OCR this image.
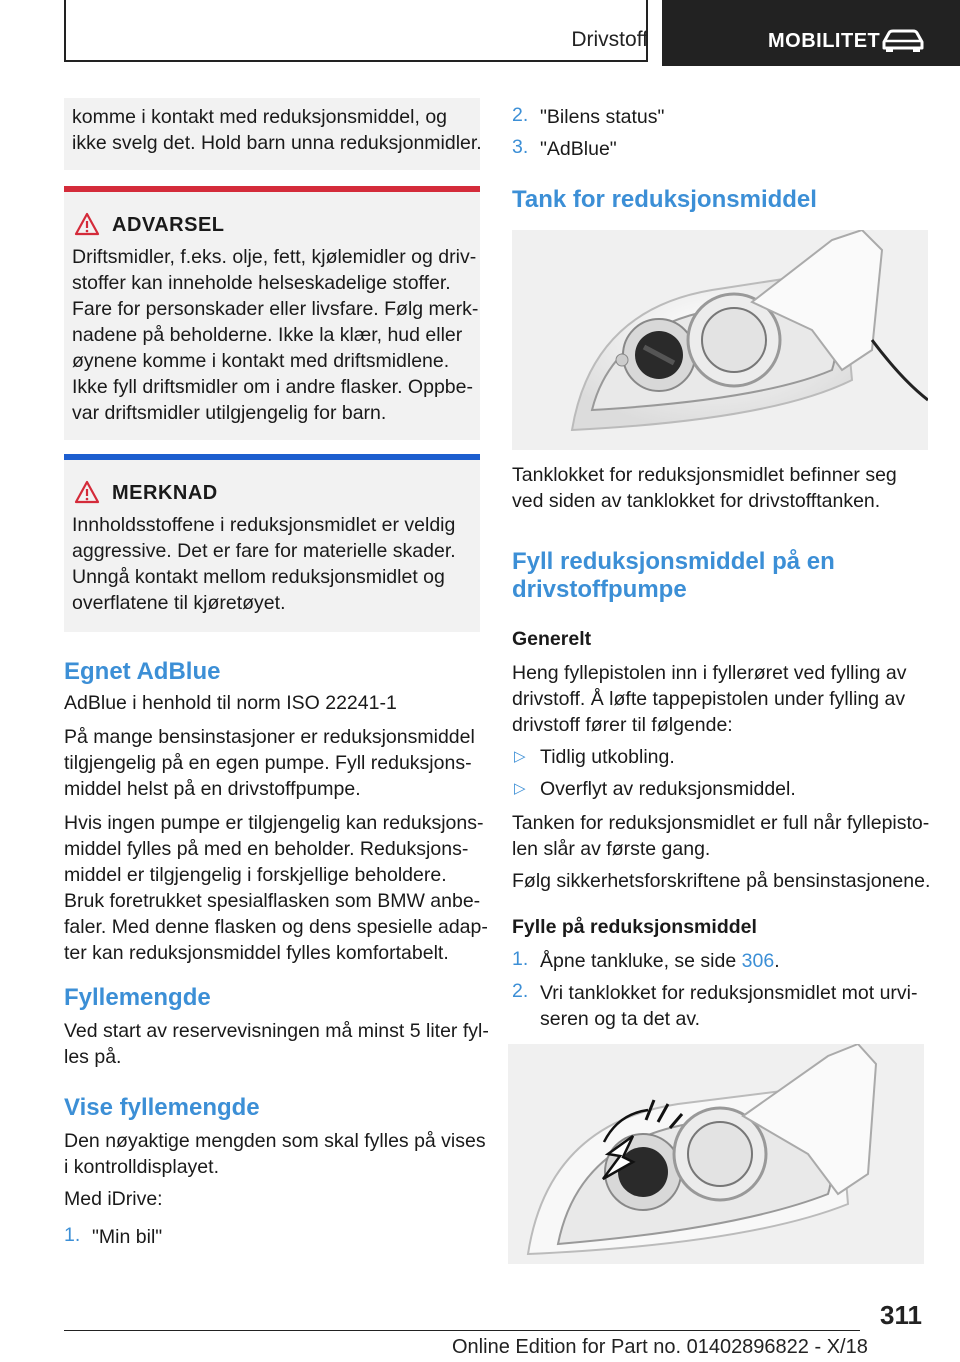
Drivstoff	MOBILITET
komme i kontakt med reduksjonsmiddel, og
ikke svelg det. Hold barn unna reduksjonmidler.
ADVARSEL
Driftsmidler, f.eks. olje, fett, kjølemidler og driv-
stoffer kan inneholde helseskadelige stoffer.
Fare for personskader eller livsfare. Følg merk-
nadene på beholderne. Ikke la klær, hud eller
øynene komme i kontakt med driftsmidlene.
Ikke fyll driftsmidler om i andre flasker. Oppbe-
var driftsmidler utilgjengelig for barn.
MERKNAD
Innholdsstoffene i reduksjonsmidlet er veldig
aggressive. Det er fare for materielle skader.
Unngå kontakt mellom reduksjonsmidlet og
overflatene til kjøretøyet.
Egnet AdBlue
AdBlue i henhold til norm ISO 22241-1
På mange bensinstasjoner er reduksjonsmiddel
tilgjengelig på en egen pumpe. Fyll reduksjons-
middel helst på en drivstoffpumpe.
Hvis ingen pumpe er tilgjengelig kan reduksjons-
middel fylles på med en beholder. Reduksjons-
middel er tilgjengelig i forskjellige beholdere.
Bruk foretrukket spesialflasken som BMW anbe-
faler. Med denne flasken og dens spesielle adap-
ter kan reduksjonsmiddel fylles komfortabelt.
Fyllemengde
Ved start av reservevisningen må minst 5 liter fyl-
les på.
Vise fyllemengde
Den nøyaktige mengden som skal fylles på vises
i kontrolldisplayet.
Med iDrive:
1. "Min bil"
2. "Bilens status"
3. "AdBlue"
Tank for reduksjonsmiddel
Tanklokket for reduksjonsmidlet befinner seg
ved siden av tanklokket for drivstofftanken.
Fyll reduksjonsmiddel på en
drivstoffpumpe
Generelt
Heng fyllepistolen inn i fyllerøret ved fylling av
drivstoff. Å løfte tappepistolen under fylling av
drivstoff fører til følgende:
▷ Tidlig utkobling.
▷ Overflyt av reduksjonsmiddel.
Tanken for reduksjonsmidlet er full når fyllepisto-
len slår av første gang.
Følg sikkerhetsforskriftene på bensinstasjonene.
Fylle på reduksjonsmiddel
1. Åpne tankluke, se side 306.
2. Vri tanklokket for reduksjonsmidlet mot urvi-
seren og ta det av.
311
Online Edition for Part no. 01402896822 - X/18
